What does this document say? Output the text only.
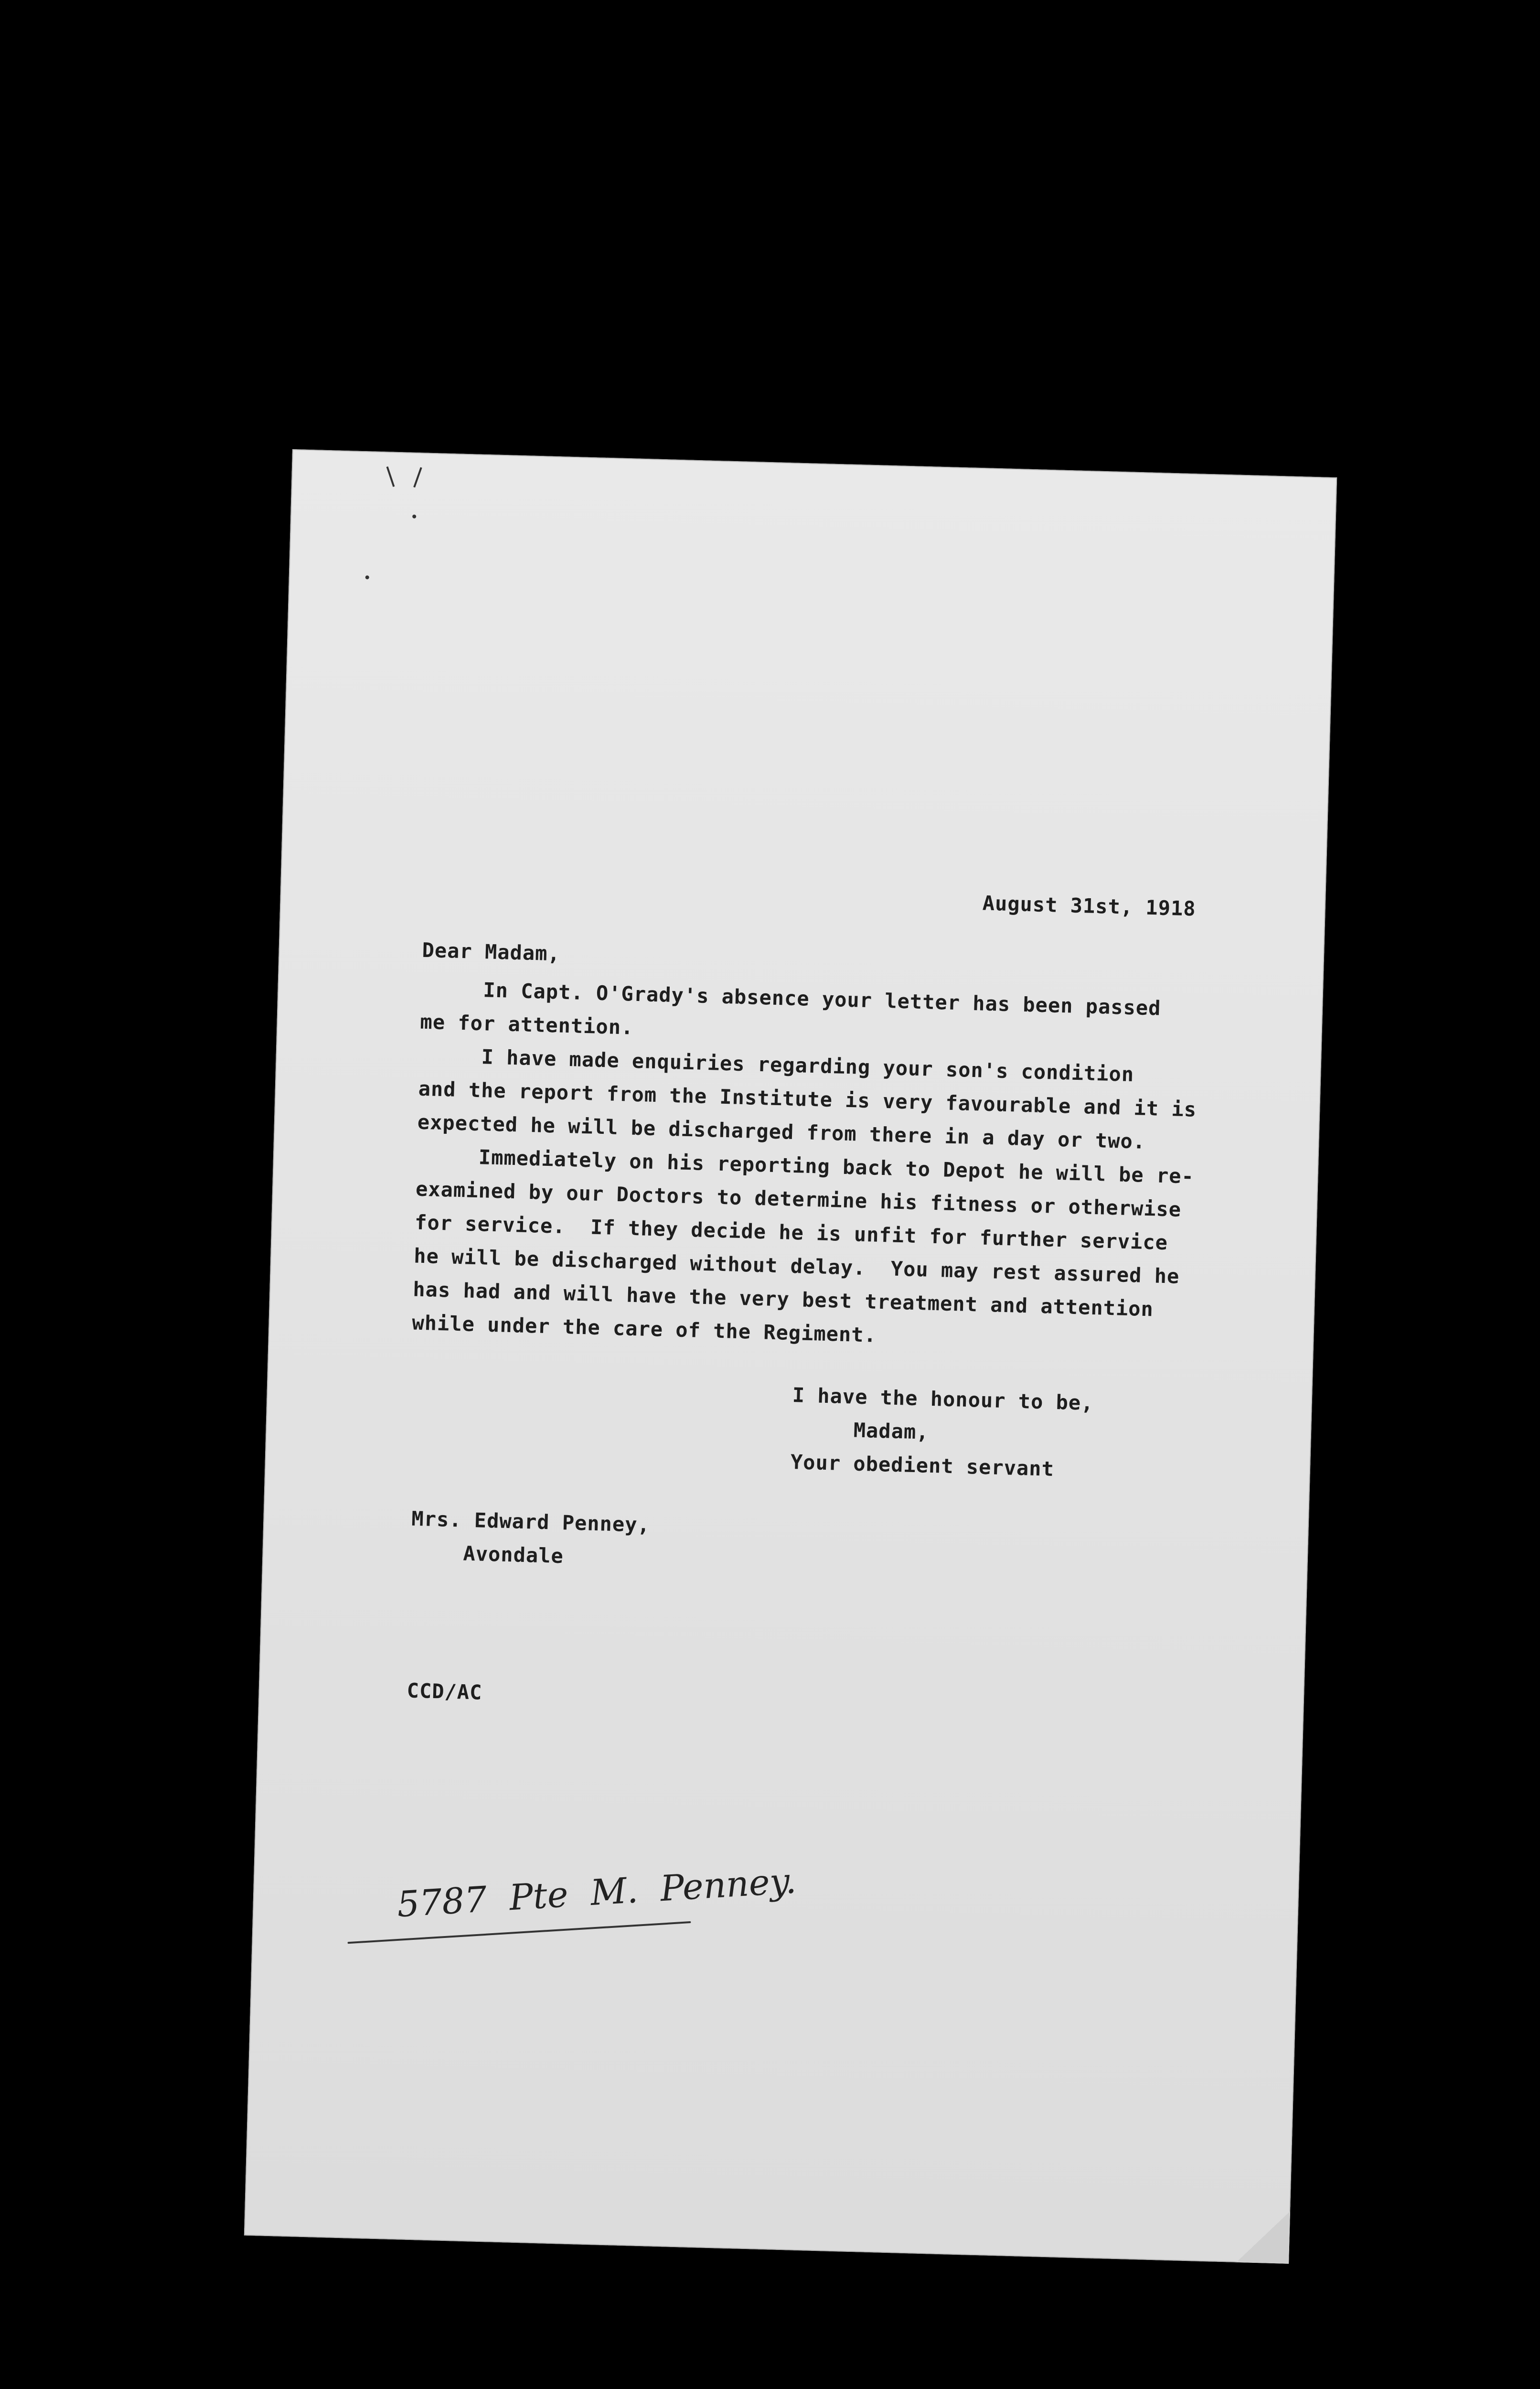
August 31st, 1918
Dear Madam,
In Capt. O'Grady's absence your letter has been passed
me for attention.
I have made enquiries regarding your son's condition
and the report from the Institute is very favourable and it is
expected he will be discharged from there in a day or two.
Immediately on his reporting back to Depot he will be re-
examined by our Doctors to determine his fitness or otherwise
for service.  If they decide he is unfit for further service
he will be discharged without delay.  You may rest assured he
has had and will have the very best treatment and attention
while under the care of the Regiment.
I have the honour to be,
Madam,
Your obedient servant
Mrs. Edward Penney,
Avondale
CCD/AC
5787  Pte  M.  Penney.
